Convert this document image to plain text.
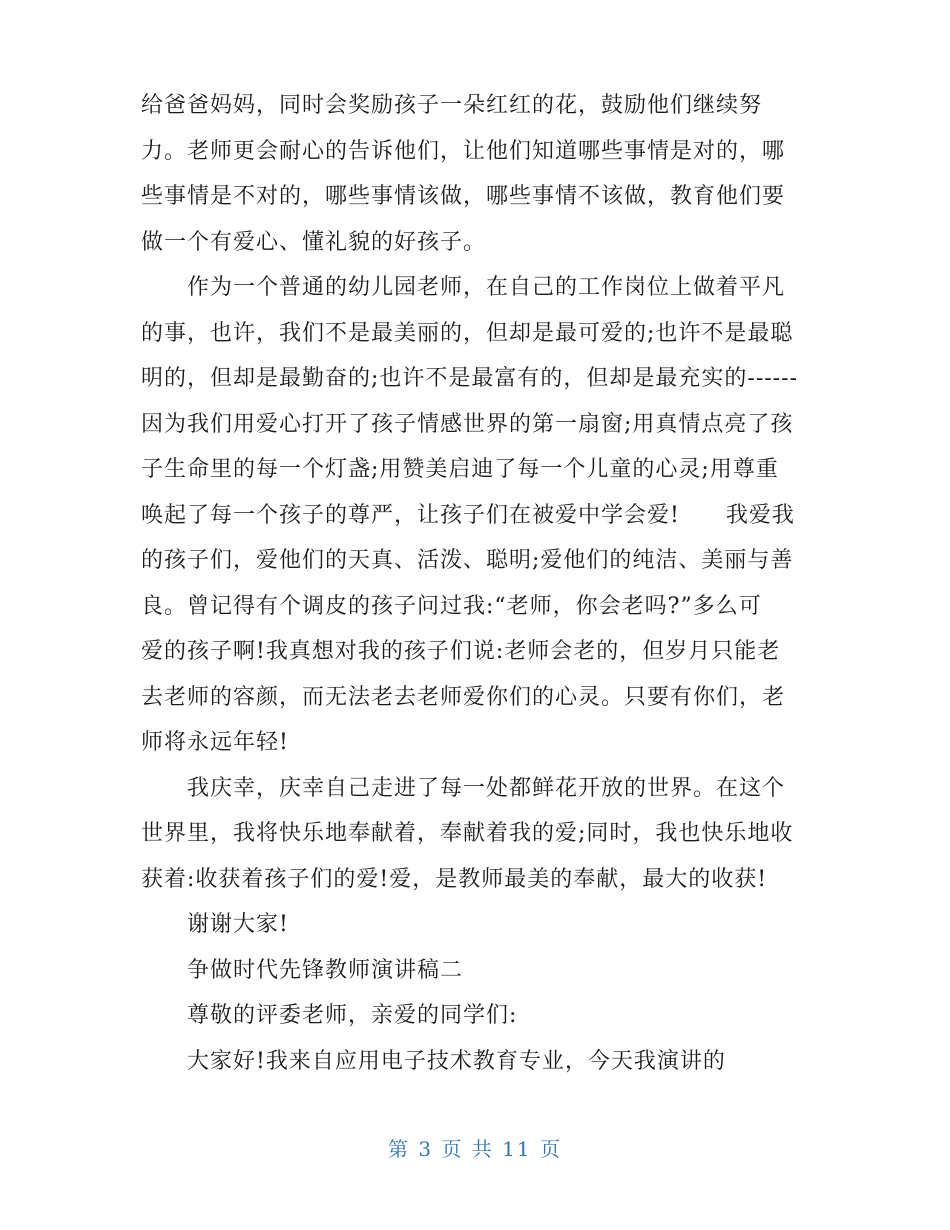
给爸爸妈妈，同时会奖励孩子一朵红红的花，鼓励他们继续努
力。老师更会耐心的告诉他们，让他们知道哪些事情是对的，哪
些事情是不对的，哪些事情该做，哪些事情不该做，教育他们要
做一个有爱心、懂礼貌的好孩子。
　　作为一个普通的幼儿园老师，在自己的工作岗位上做着平凡
的事，也许，我们不是最美丽的，但却是最可爱的;也许不是最聪
明的，但却是最勤奋的;也许不是最富有的，但却是最充实的------
因为我们用爱心打开了孩子情感世界的第一扇窗;用真情点亮了孩
子生命里的每一个灯盏;用赞美启迪了每一个儿童的心灵;用尊重
唤起了每一个孩子的尊严，让孩子们在被爱中学会爱!　　我爱我
的孩子们，爱他们的天真、活泼、聪明;爱他们的纯洁、美丽与善
良。曾记得有个调皮的孩子问过我:“老师，你会老吗?”多么可
爱的孩子啊!我真想对我的孩子们说:老师会老的，但岁月只能老
去老师的容颜，而无法老去老师爱你们的心灵。只要有你们，老
师将永远年轻!
　　我庆幸，庆幸自己走进了每一处都鲜花开放的世界。在这个
世界里，我将快乐地奉献着，奉献着我的爱;同时，我也快乐地收
获着:收获着孩子们的爱!爱，是教师最美的奉献，最大的收获!
　　谢谢大家!
　　争做时代先锋教师演讲稿二
　　尊敬的评委老师，亲爱的同学们:
　　大家好!我来自应用电子技术教育专业，今天我演讲的
第 3 页 共 11 页
